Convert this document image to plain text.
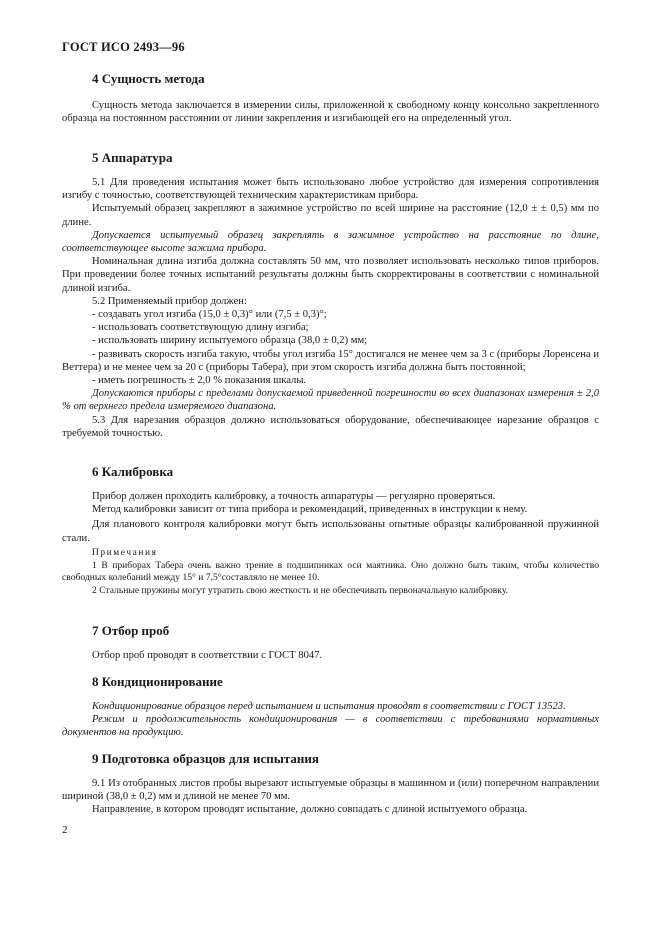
ГОСТ ИСО 2493—96
4 Сущность метода

Сущность метода заключается в измерении силы, приложенной к свободному концу консольно закрепленного образца на постоянном расстоянии от линии закрепления и изгибающей его на определенный угол.

5 Аппаратура

5.1 Для проведения испытания может быть использовано любое устройство для измерения сопротивления изгибу с точностью, соответствующей техническим характеристикам прибора.

Испытуемый образец закрепляют в зажимное устройство по всей ширине на расстояние (12,0 ± ± 0,5) мм по длине.

Допускается испытуемый образец закреплять в зажимное устройство на расстояние по длине, соответствующее высоте зажима прибора.

Номинальная длина изгиба должна составлять 50 мм, что позволяет использовать несколько типов приборов. При проведении более точных испытаний результаты должны быть скорректированы в соответствии с номинальной длиной изгиба.

5.2 Применяемый прибор должен:

- создавать угол изгиба (15,0 ± 0,3)° или (7,5 ± 0,3)°;

- использовать соответствующую длину изгиба;

- использовать ширину испытуемого образца (38,0 ± 0,2) мм;

- развивать скорость изгиба такую, чтобы угол изгиба 15° достигался не менее чем за 3 с (приборы Лоренсена и Веттера) и не менее чем за 20 с (приборы Табера), при этом скорость изгиба должна быть постоянной;

- иметь погрешность ± 2,0 % показания шкалы.

Допускаются приборы с пределами допускаемой приведенной погрешности во всех диапазонах измерения ± 2,0 % от верхнего предела измеряемого диапазона.

5.3 Для нарезания образцов должно использоваться оборудование, обеспечивающее нарезание образцов с требуемой точностью.

6 Калибровка

Прибор должен проходить калибровку, а точность аппаратуры — регулярно проверяться.

Метод калибровки зависит от типа прибора и рекомендаций, приведенных в инструкции к нему.

Для планового контроля калибровки могут быть использованы опытные образцы калиброванной пружинной стали.

Примечания

1 В приборах Табера очень важно трение в подшипниках оси маятника. Оно должно быть таким, чтобы количество свободных колебаний между 15° и 7,5°составляло не менее 10.

2 Стальные пружины могут утратить свою жесткость и не обеспечивать первоначальную калибровку.

7 Отбор проб

Отбор проб проводят в соответствии с ГОСТ 8047.

8 Кондиционирование

Кондиционирование образцов перед испытанием и испытания проводят в соответствии с ГОСТ 13523.

Режим и продолжительность кондиционирования — в соответствии с требованиями нормативных документов на продукцию.

9 Подготовка образцов для испытания

9.1 Из отобранных листов пробы вырезают испытуемые образцы в машинном и (или) поперечном направлении шириной (38,0 ± 0,2) мм и длиной не менее 70 мм.

Направление, в котором проводят испытание, должно совпадать с длиной испытуемого образца.

2
